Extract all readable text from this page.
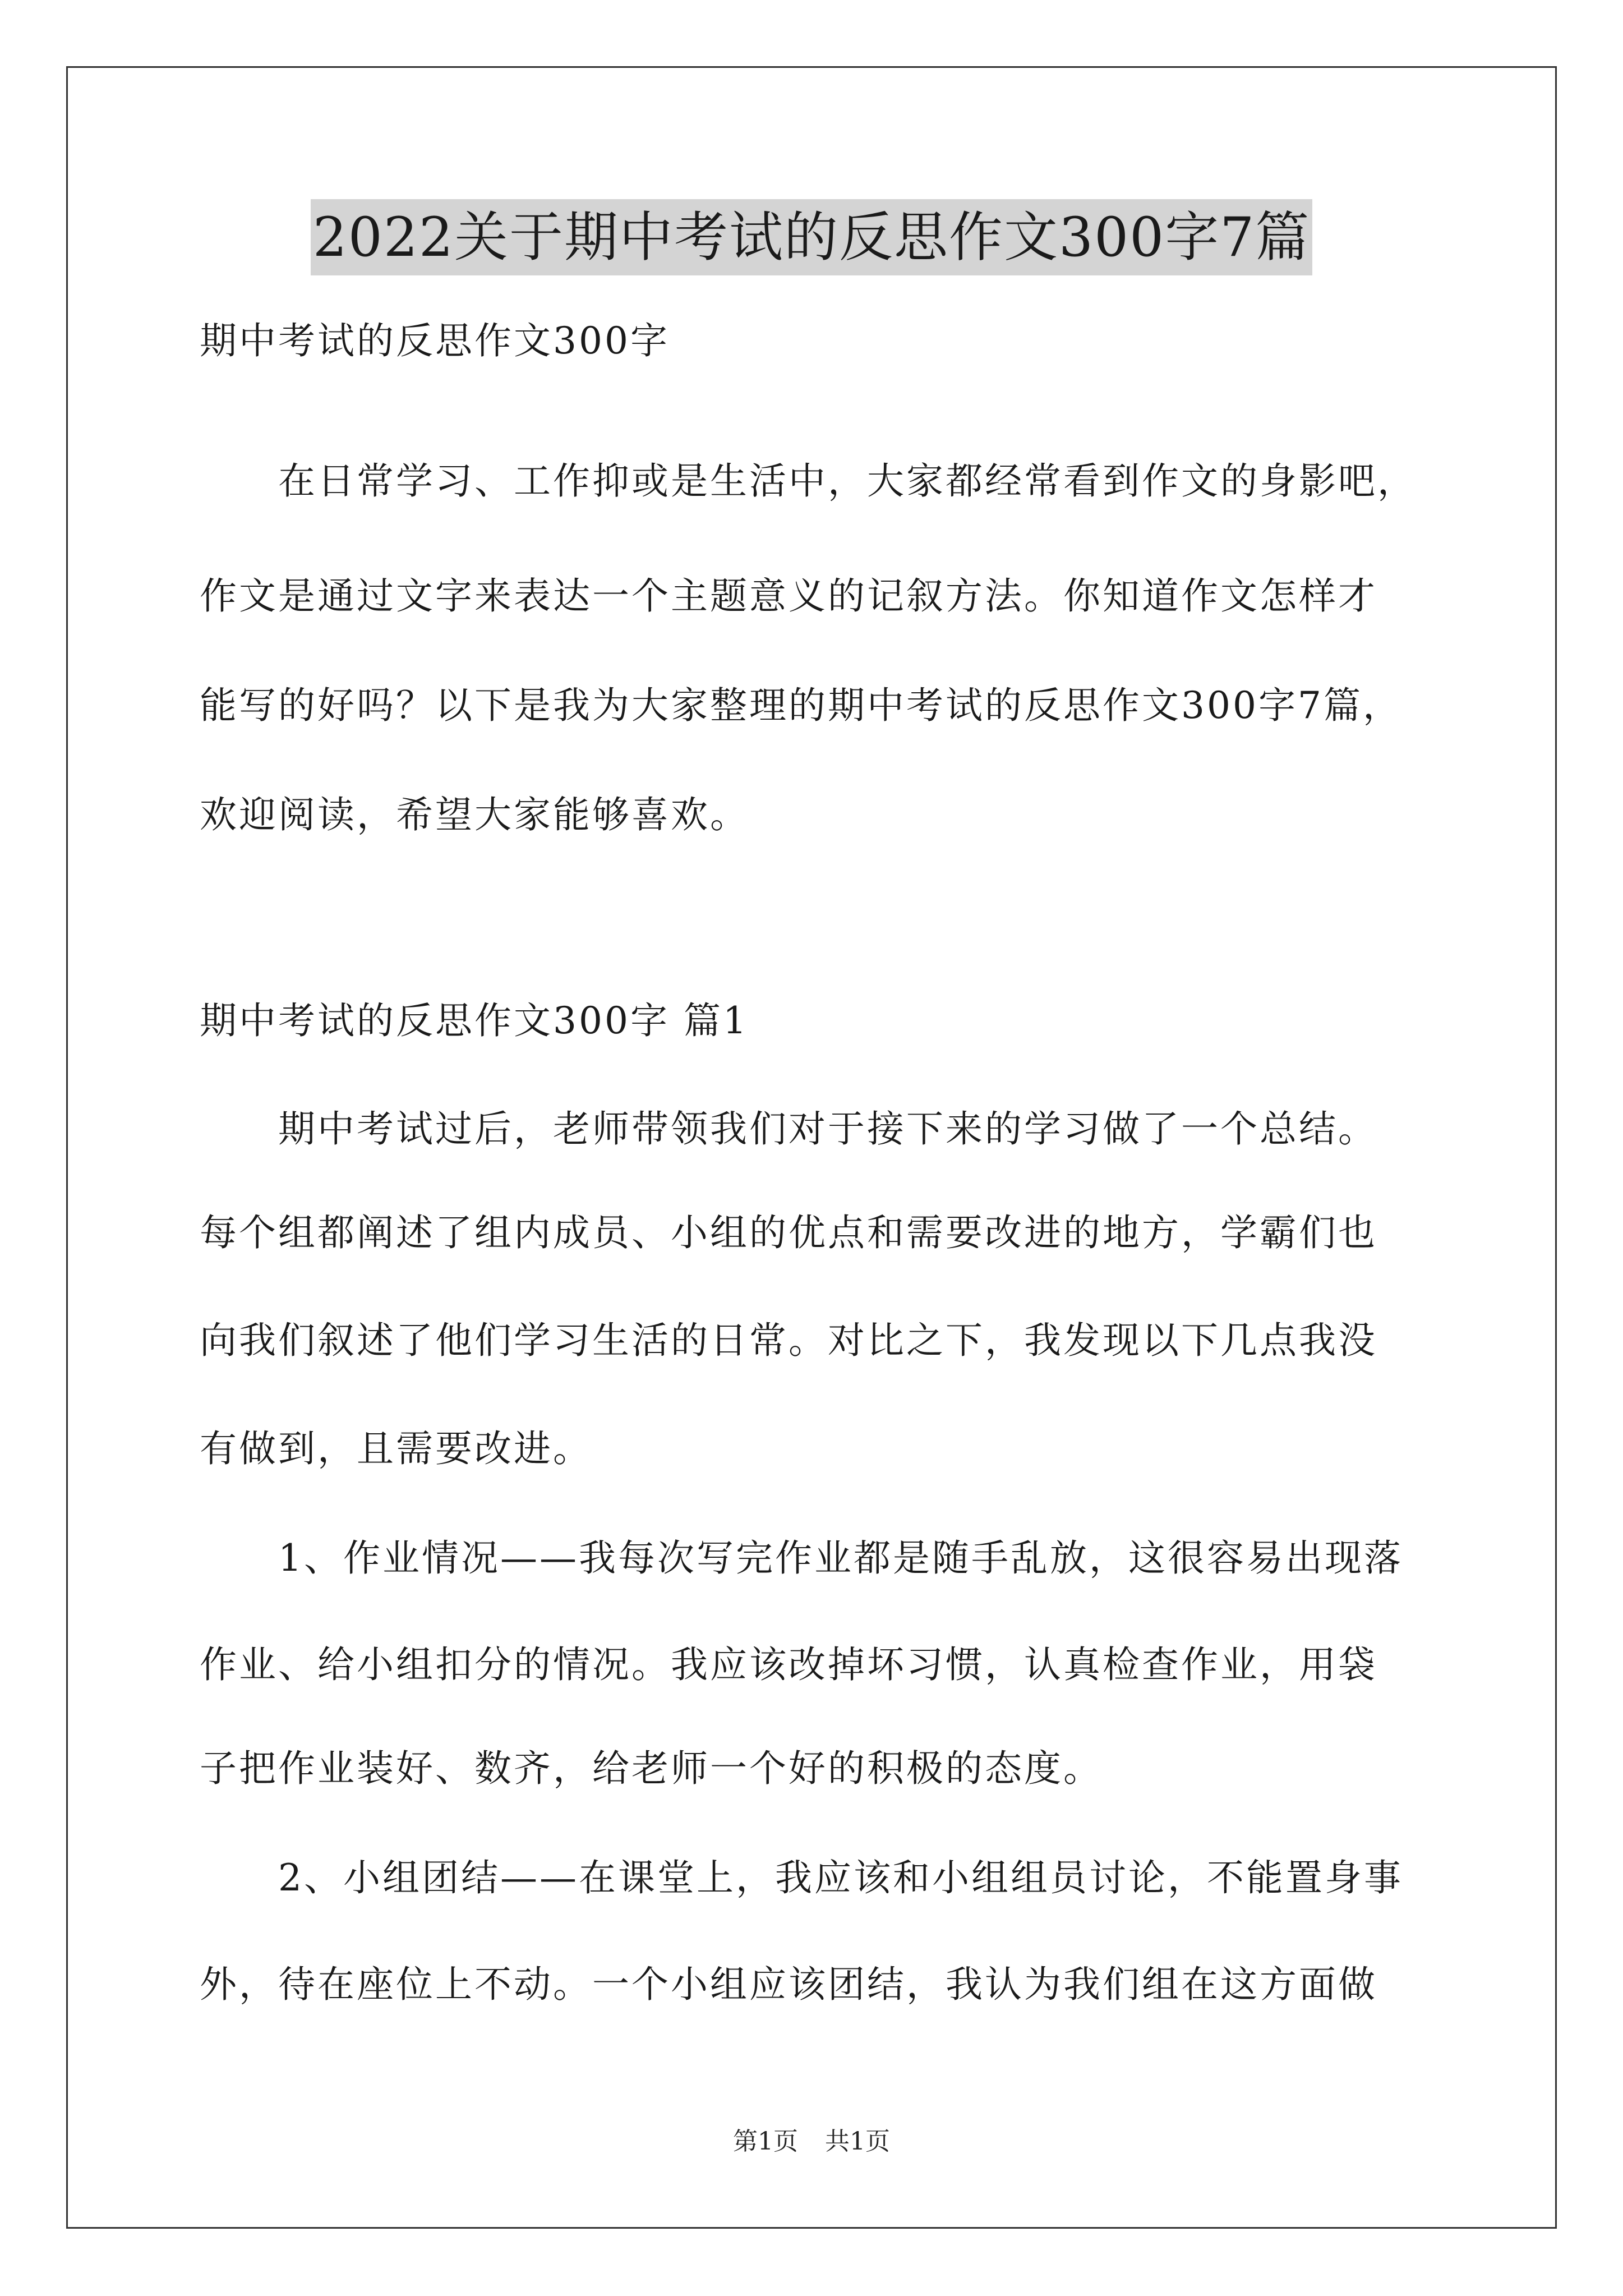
2022关于期中考试的反思作文300字7篇

期中考试的反思作文300字

在日常学习、工作抑或是生活中，大家都经常看到作文的身影吧，

作文是通过文字来表达一个主题意义的记叙方法。你知道作文怎样才

能写的好吗？以下是我为大家整理的期中考试的反思作文300字7篇，

欢迎阅读，希望大家能够喜欢。

期中考试的反思作文300字 篇1

期中考试过后，老师带领我们对于接下来的学习做了一个总结。

每个组都阐述了组内成员、小组的优点和需要改进的地方，学霸们也

向我们叙述了他们学习生活的日常。对比之下，我发现以下几点我没

有做到，且需要改进。

1、作业情况——我每次写完作业都是随手乱放，这很容易出现落

作业、给小组扣分的情况。我应该改掉坏习惯，认真检查作业，用袋

子把作业装好、数齐，给老师一个好的积极的态度。

2、小组团结——在课堂上，我应该和小组组员讨论，不能置身事

外，待在座位上不动。一个小组应该团结，我认为我们组在这方面做

第1页 共1页
